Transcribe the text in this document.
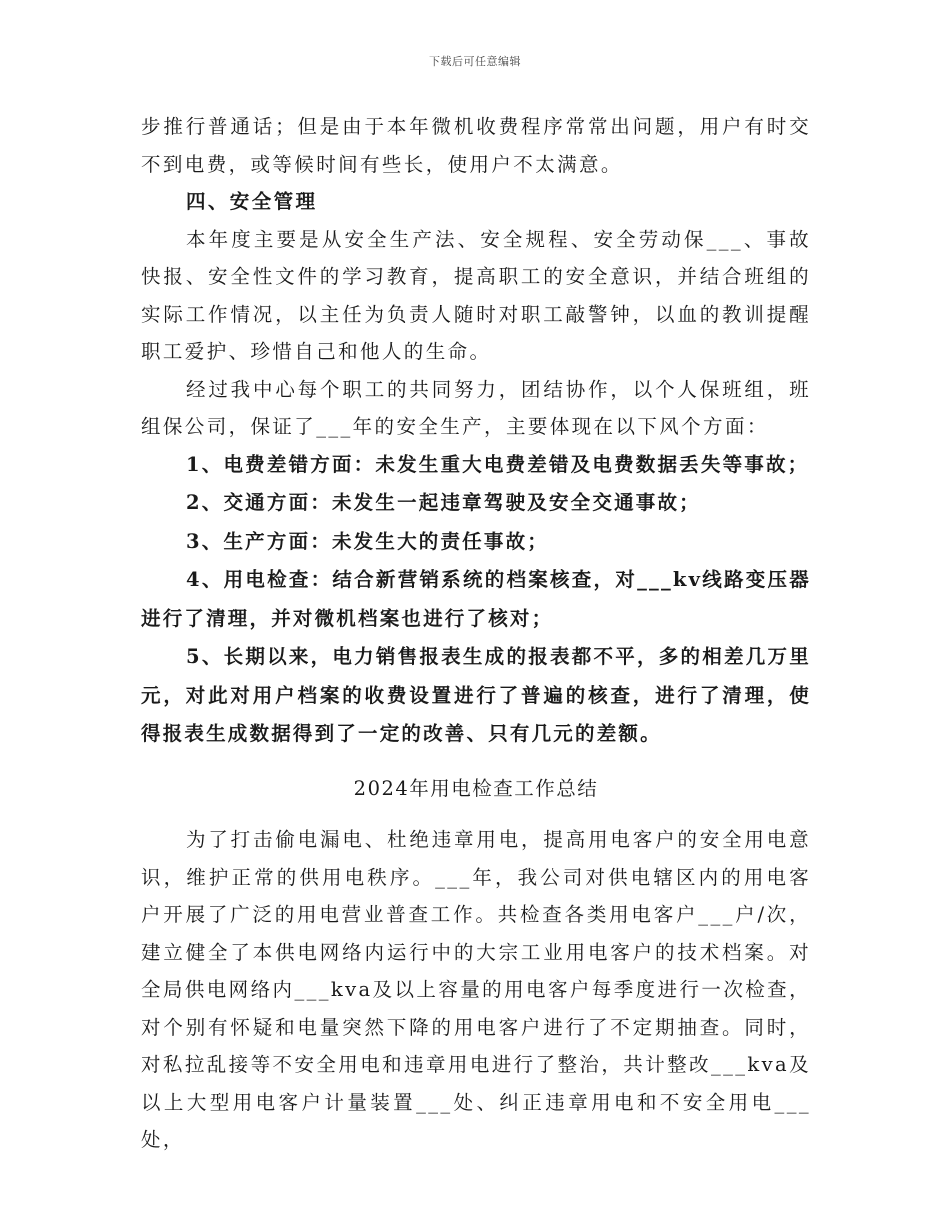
下载后可任意编辑

步推行普通话；但是由于本年微机收费程序常常出问题，用户有时交不到电费，或等候时间有些长，使用户不太满意。

四、安全管理

本年度主要是从安全生产法、安全规程、安全劳动保___、事故快报、安全性文件的学习教育，提高职工的安全意识，并结合班组的实际工作情况，以主任为负责人随时对职工敲警钟，以血的教训提醒职工爱护、珍惜自己和他人的生命。

经过我中心每个职工的共同努力，团结协作，以个人保班组，班组保公司，保证了___年的安全生产，主要体现在以下风个方面：

1、电费差错方面：未发生重大电费差错及电费数据丢失等事故；

2、交通方面：未发生一起违章驾驶及安全交通事故；

3、生产方面：未发生大的责任事故；

4、用电检查：结合新营销系统的档案核查，对___kv线路变压器进行了清理，并对微机档案也进行了核对；

5、长期以来，电力销售报表生成的报表都不平，多的相差几万里元，对此对用户档案的收费设置进行了普遍的核查，进行了清理，使得报表生成数据得到了一定的改善、只有几元的差额。

2024年用电检查工作总结

为了打击偷电漏电、杜绝违章用电，提高用电客户的安全用电意识，维护正常的供用电秩序。___年，我公司对供电辖区内的用电客户开展了广泛的用电营业普查工作。共检查各类用电客户___户/次，建立健全了本供电网络内运行中的大宗工业用电客户的技术档案。对全局供电网络内___kva及以上容量的用电客户每季度进行一次检查，对个别有怀疑和电量突然下降的用电客户进行了不定期抽查。同时，对私拉乱接等不安全用电和违章用电进行了整治，共计整改___kva及以上大型用电客户计量装置___处、纠正违章用电和不安全用电___处，
